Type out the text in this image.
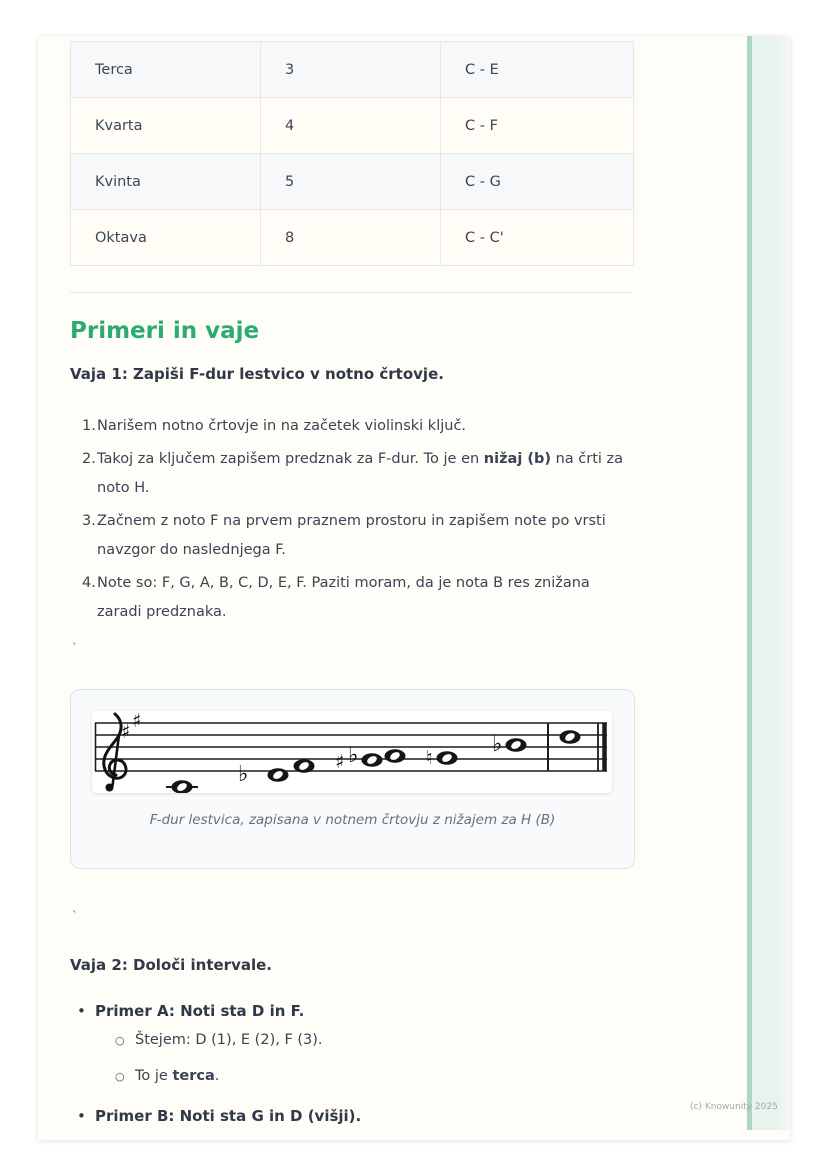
Terca	3	C - E
Kvarta	4	C - F
Kvinta	5	C - G
Oktava	8	C - C'
Primeri in vaje
Vaja 1: Zapiši F-dur lestvico v notno črtovje.
1. Narišem notno črtovje in na začetek violinski ključ.
2. Takoj za ključem zapišem predznak za F-dur. To je en nižaj (b) na črti za noto H.
3. Začnem z noto F na prvem praznem prostoru in zapišem note po vrsti navzgor do naslednjega F.
4. Note so: F, G, A, B, C, D, E, F. Paziti moram, da je nota B res znižana zaradi predznaka.
`
♯
♯
♭	♯ ♭	♮
♭
F-dur lestvica, zapisana v notnem črtovju z nižajem za H (B)
`
Vaja 2: Določi intervale.
• Primer A: Noti sta D in F.
○ Štejem: D (1), E (2), F (3).
○ To je terca.
• Primer B: Noti sta G in D (višji).	(c) Knowunity 2025
